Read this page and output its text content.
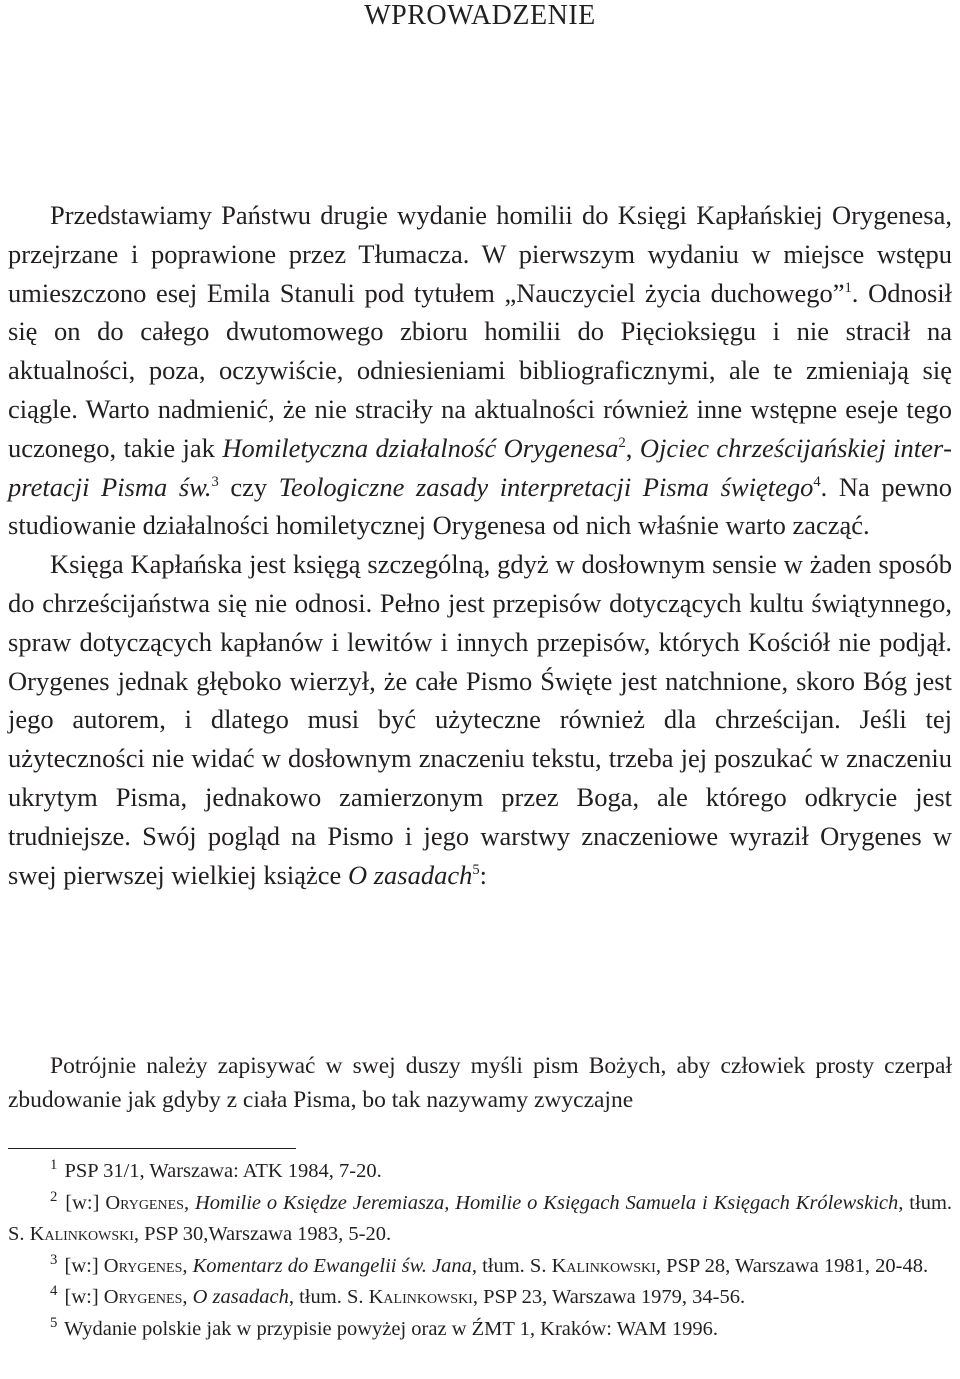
WPROWADZENIE

Przedstawiamy Państwu drugie wydanie homilii do Księgi Kapłańskiej Orygenesa, przejrzane i poprawione przez Tłumacza. W pierwszym wydaniu w miejsce wstępu umieszczono esej Emila Stanuli pod tytułem „Nauczyciel życia duchowego”$^1$. Odnosił się on do całego dwutomowego zbioru homilii do Pięcioksięgu i nie stracił na aktualności, poza, oczywiście, odniesieniami bibliograficznymi, ale te zmieniają się ciągle. Warto nadmienić, że nie straciły na aktualności również inne wstępne eseje tego uczonego, takie jak Homiletyczna działalność Orygenesa$^2$, Ojciec chrześcijańskiej interpretacji Pisma św.$^3$ czy Teologiczne zasady interpretacji Pisma świętego$^4$. Na pewno studiowanie działalności homiletycznej Orygenesa od nich właśnie warto zacząć.

Księga Kapłańska jest księgą szczególną, gdyż w dosłownym sensie w żaden sposób do chrześcijaństwa się nie odnosi. Pełno jest przepisów dotyczących kultu świątynnego, spraw dotyczących kapłanów i lewitów i innych przepisów, których Kościół nie podjął. Orygenes jednak głęboko wierzył, że całe Pismo Święte jest natchnione, skoro Bóg jest jego autorem, i dlatego musi być użyteczne również dla chrześcijan. Jeśli tej użyteczności nie widać w dosłownym znaczeniu tekstu, trzeba jej poszukać w znaczeniu ukrytym Pisma, jednakowo zamierzonym przez Boga, ale którego odkrycie jest trudniejsze. Swój pogląd na Pismo i jego warstwy znaczeniowe wyraził Orygenes w swej pierwszej wielkiej książce O zasadach$^5$:

Potrójnie należy zapisywać w swej duszy myśli pism Bożych, aby człowiek prosty czerpał zbudowanie jak gdyby z ciała Pisma, bo tak nazywamy zwyczajne

$^1$ PSP 31/1, Warszawa: ATK 1984, 7-20.

$^2$ [w:] Orygenes, Homilie o Księdze Jeremiasza, Homilie o Księgach Samuela i Księgach Królewskich, tłum. S. Kalinkowski, PSP 30,Warszawa 1983, 5-20.

$^3$ [w:] Orygenes, Komentarz do Ewangelii św. Jana, tłum. S. Kalinkowski, PSP 28, Warszawa 1981, 20-48.

$^4$ [w:] Orygenes, O zasadach, tłum. S. Kalinkowski, PSP 23, Warszawa 1979, 34-56.

$^5$ Wydanie polskie jak w przypisie powyżej oraz w ŹMT 1, Kraków: WAM 1996.
